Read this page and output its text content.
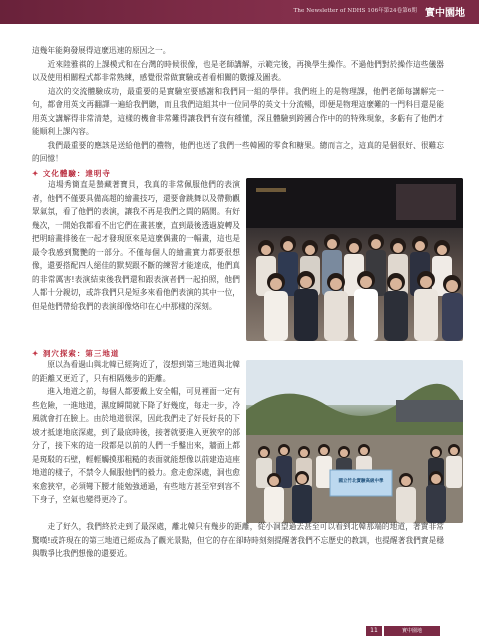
The Newsletter of NDHS 106年第24卷第6期 實中園地

這幾年能夠發展得這麼迅速的原因之一。
　　近來陸雅祺的上課模式和在台灣的時候很像，也是老師講解，示範完後，再換學生操作。不過他們對於操作這些儀器以及使用相關程式都非常熟練，感覺很常做實驗或者看相關的數據及圖表。
　　這次的交流體驗成功，最重要的是實驗室要感謝和我們同一組的學伴。我們班上的是物理課，他們老師每講解完一句，都會用英文再翻譯一遍給我們聽，而且我們這組其中一位同學的英文十分流暢，即便是物理這麼難的一門科目還是能用英文講解得非常清楚，這樣的機會非常難得讓我們有沒有種懂，深且體驗到跨國合作中的的特殊現象，多虧有了他們才能順利上課內容。
　　我們最重要的應該是送給他們的禮物，他們也送了我們一些韓國的零食和糖果。總而言之，這真的是個很好、很難忘的回憶！

✦ 文化體驗：達明寺

　　這場秀簡直是蟄藏著寶貝，我真的非常佩服他們的表演者，他們不僅要具備高超的繪畫技巧，還要會跳舞以及帶動觀眾氣氛，看了他們的表演，讓我不再是我們之間的隔閡。有好幾次，一開始我都看不出它們在畫甚麼，直到最後透過旋轉及把明暗畫排後在一起才發現原來是這麼偶畫的一幅畫，這也是最令我感到驚艷的一部分。不僅每個人的繪畫實力都要很想像，還要搭配四人絕佳的默契跟不斷的練習才能達成，他們真的非常厲害!表演結束後我們還和跟表演者們一起拍照，他們人都十分親切，或許我們只是短多來看他們表演的其中一位，但是他們帶給我們的表演卻像烙印在心中那樣的深刻。

✦ 洞穴探索：第三地道

　　原以為看過山與北韓已經夠近了，沒想到第三地道與北韓的距離又更近了，只有相隔幾步的距離。
　　進入地道之前，每個人都要戴上安全帽，可見裡面一定有些危險，一進地道，濕度瞬間就下降了好幾度，每走一步，冷風就會打在臉上。由於地道很深，因此我們走了好長好長的下坡才抵達地底深處，到了最底時後，接著就要進入更狹窄的部分了，接下來的這一段都是以前的人們一手鑿出來，牆面上都是斑駁的石壁，輕輕觸摸那粗糙的表面就能想像以前建造這座地道的樣子，不禁令人佩服他們的毅力。愈走愈深處，洞也愈來愈狹窄，必須彎下腰才能勉強通過，有些地方甚至窄到容不下身子，空氣也變得更冷了。

國立竹北實驗高級中學

　　走了好久，我們終於走到了最深處，離北韓只有幾步的距離，從小洞望過去甚至可以看到北韓那端的地道，著實非常驚嘆!或許現在的第三地道已經成為了觀光景點，但它的存在卻時時刻刻提醒著我們不忘歷史的教訓，也提醒著我們實是穩與戰爭比我們想像的還要近。

11	實中園地
